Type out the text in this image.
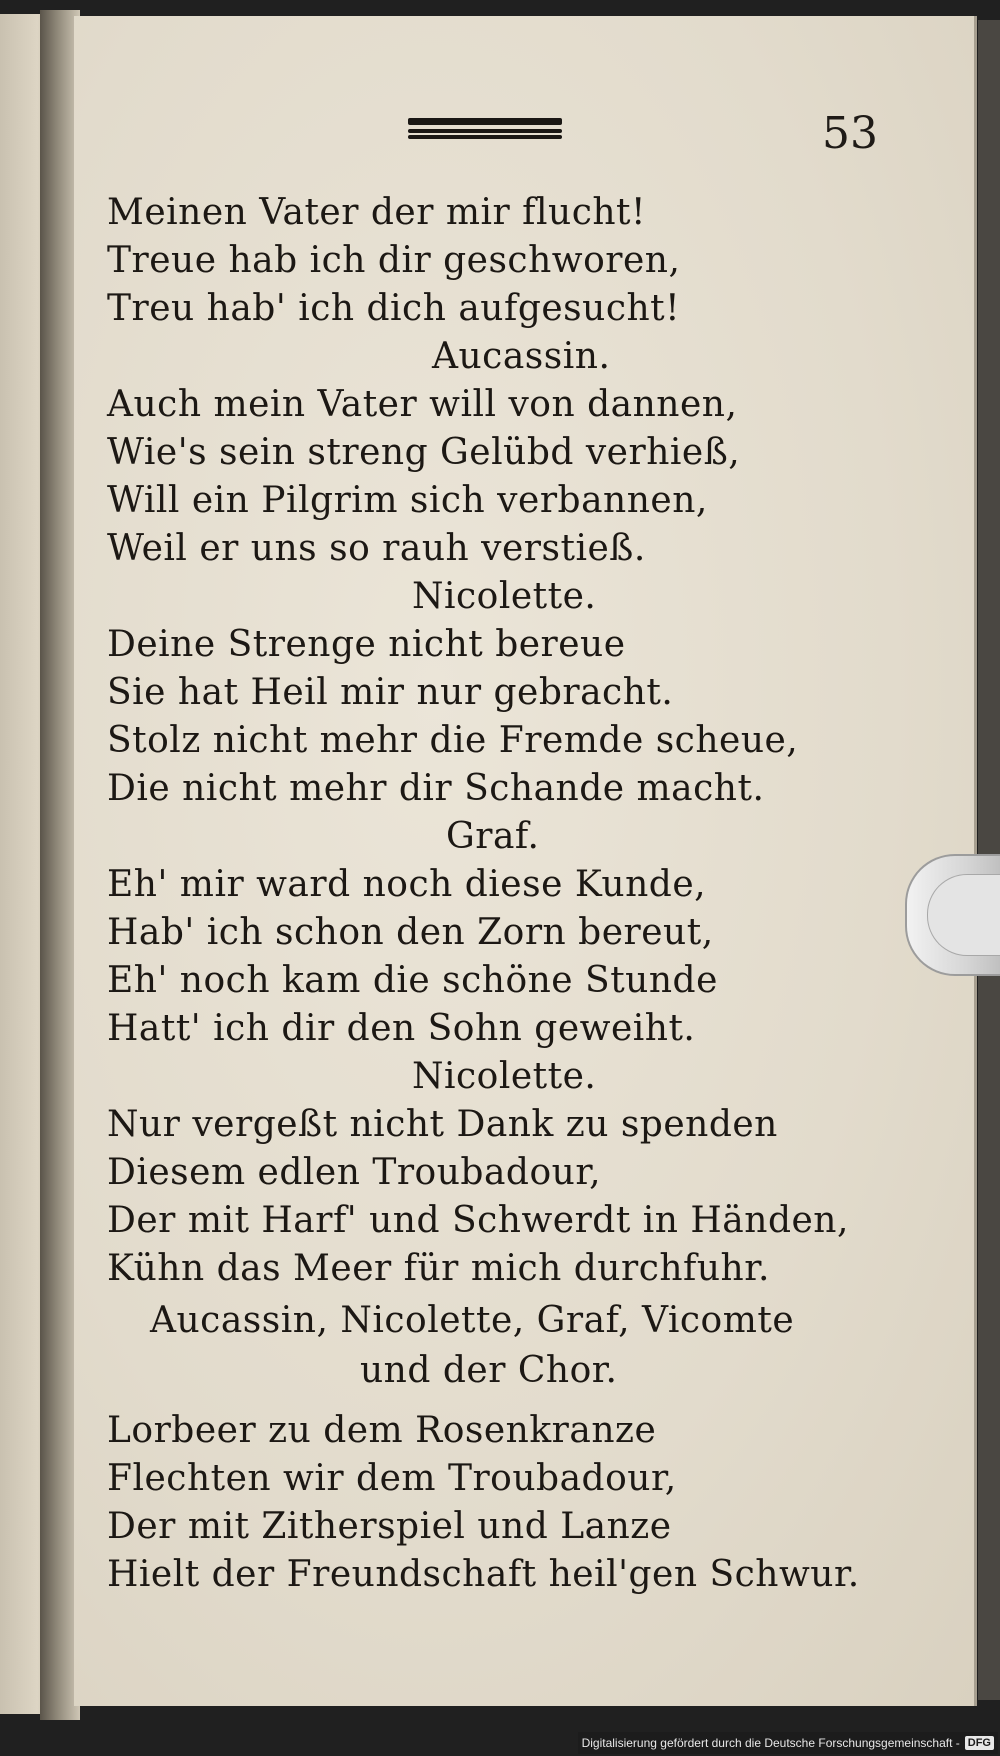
53
Meinen Vater der mir flucht!
Treue hab ich dir geschworen,
Treu hab' ich dich aufgesucht!
Aucassin.
Auch mein Vater will von dannen,
Wie's sein streng Gelübd verhieß,
Will ein Pilgrim sich verbannen,
Weil er uns so rauh verstieß.
Nicolette.
Deine Strenge nicht bereue
Sie hat Heil mir nur gebracht.
Stolz nicht mehr die Fremde scheue,
Die nicht mehr dir Schande macht.
Graf.
Eh' mir ward noch diese Kunde,
Hab' ich schon den Zorn bereut,
Eh' noch kam die schöne Stunde
Hatt' ich dir den Sohn geweiht.
Nicolette.
Nur vergeßt nicht Dank zu spenden
Diesem edlen Troubadour,
Der mit Harf' und Schwerdt in Händen,
Kühn das Meer für mich durchfuhr.
Aucassin, Nicolette, Graf, Vicomte
und der Chor.
Lorbeer zu dem Rosenkranze
Flechten wir dem Troubadour,
Der mit Zitherspiel und Lanze
Hielt der Freundschaft heil'gen Schwur.
Digitalisierung gefördert durch die Deutsche Forschungsgemeinschaft - DFG
